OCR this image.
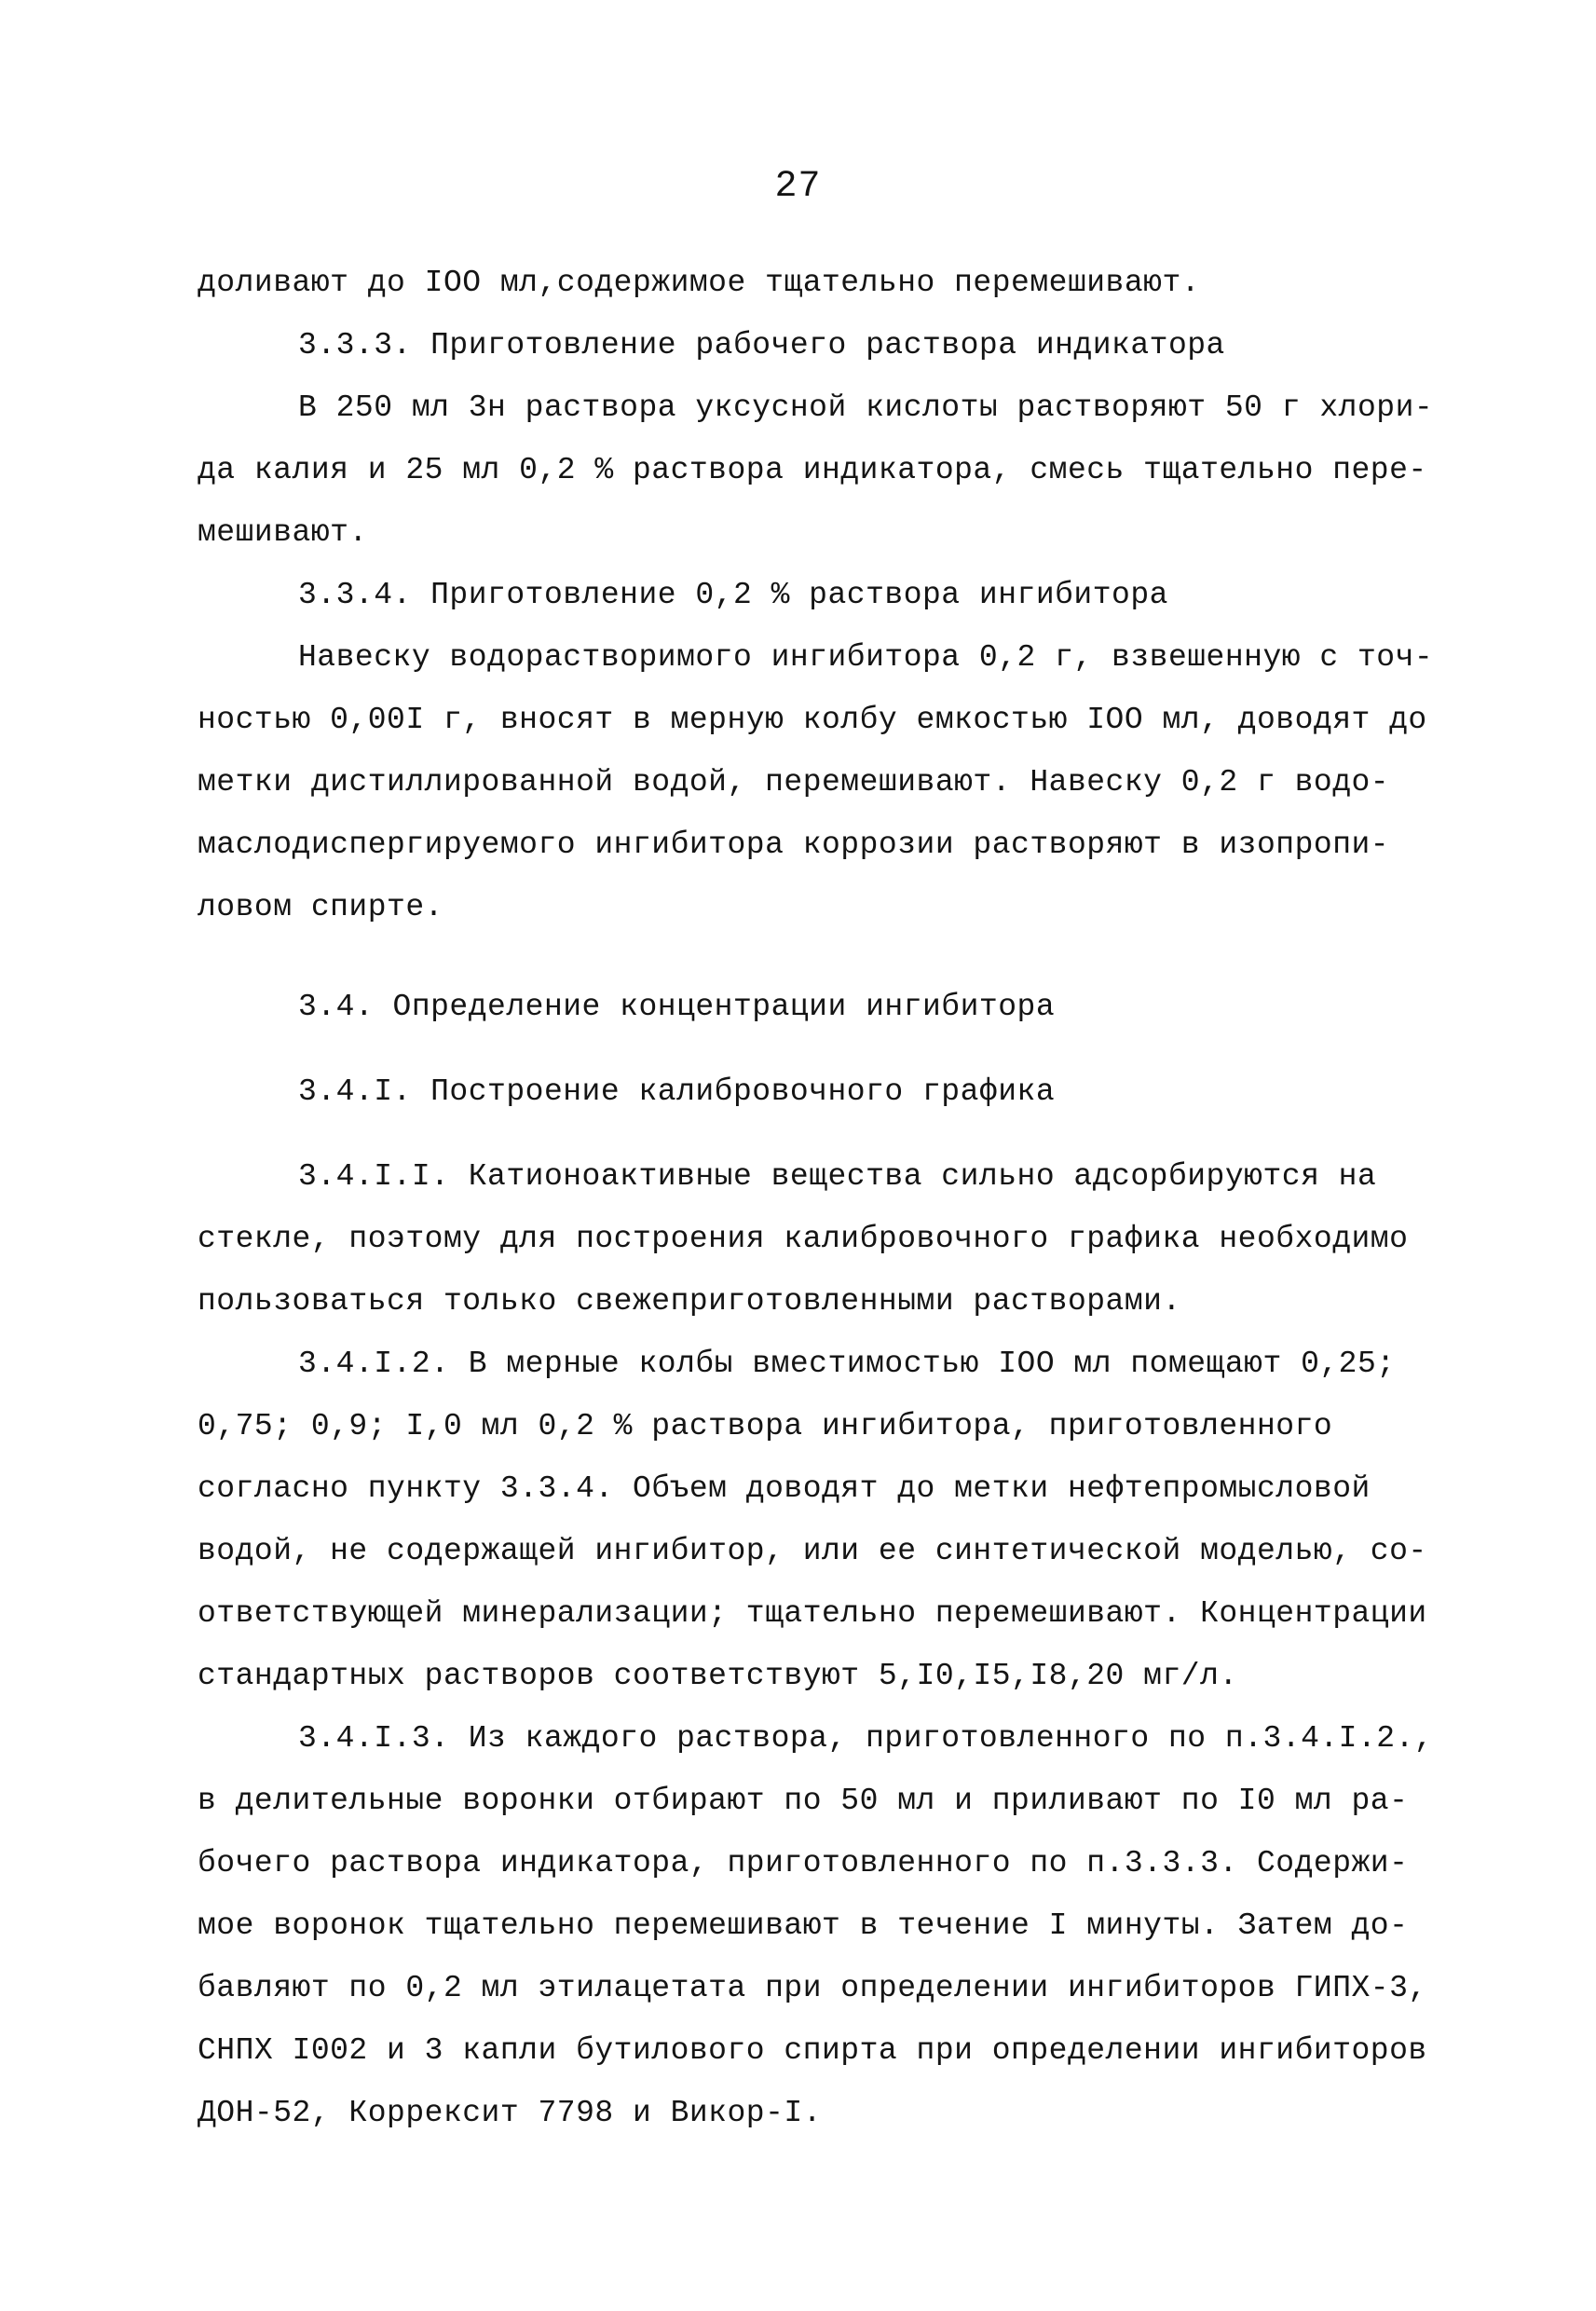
27
доливают до IOO мл,содержимое тщательно перемешивают.
3.3.3. Приготовление рабочего раствора индикатора
В 250 мл 3н раствора уксусной кислоты растворяют 50 г хлори-
да калия и 25 мл 0,2 % раствора индикатора, смесь тщательно пере-
мешивают.
3.3.4. Приготовление 0,2 % раствора ингибитора
Навеску водорастворимого ингибитора 0,2 г, взвешенную с точ-
ностью 0,00I г, вносят в мерную колбу емкостью IOO мл, доводят до
метки дистиллированной водой, перемешивают. Навеску 0,2 г водо-
маслодиспергируемого ингибитора коррозии растворяют в изопропи-
ловом спирте.
3.4. Определение концентрации ингибитора
3.4.I. Построение калибровочного графика
3.4.I.I. Катионоактивные вещества сильно адсорбируются на
стекле, поэтому для построения калибровочного графика необходимо
пользоваться только свежеприготовленными растворами.
3.4.I.2. В мерные колбы вместимостью IOO мл помещают 0,25;
0,75; 0,9; I,0 мл 0,2 % раствора ингибитора, приготовленного
согласно пункту 3.3.4. Объем доводят до метки нефтепромысловой
водой, не содержащей ингибитор, или ее синтетической моделью, со-
ответствующей минерализации; тщательно перемешивают. Концентрации
стандартных растворов соответствуют 5,I0,I5,I8,20 мг/л.
3.4.I.3. Из каждого раствора, приготовленного по п.3.4.I.2.,
в делительные воронки отбирают по 50 мл и приливают по I0 мл ра-
бочего раствора индикатора, приготовленного по п.3.3.3. Содержи-
мое воронок тщательно перемешивают в течение I минуты. Затем до-
бавляют по 0,2 мл этилацетата при определении ингибиторов ГИПХ-3,
СНПХ I002 и 3 капли бутилового спирта при определении ингибиторов
ДОН-52, Коррексит 7798 и Викор-I.
